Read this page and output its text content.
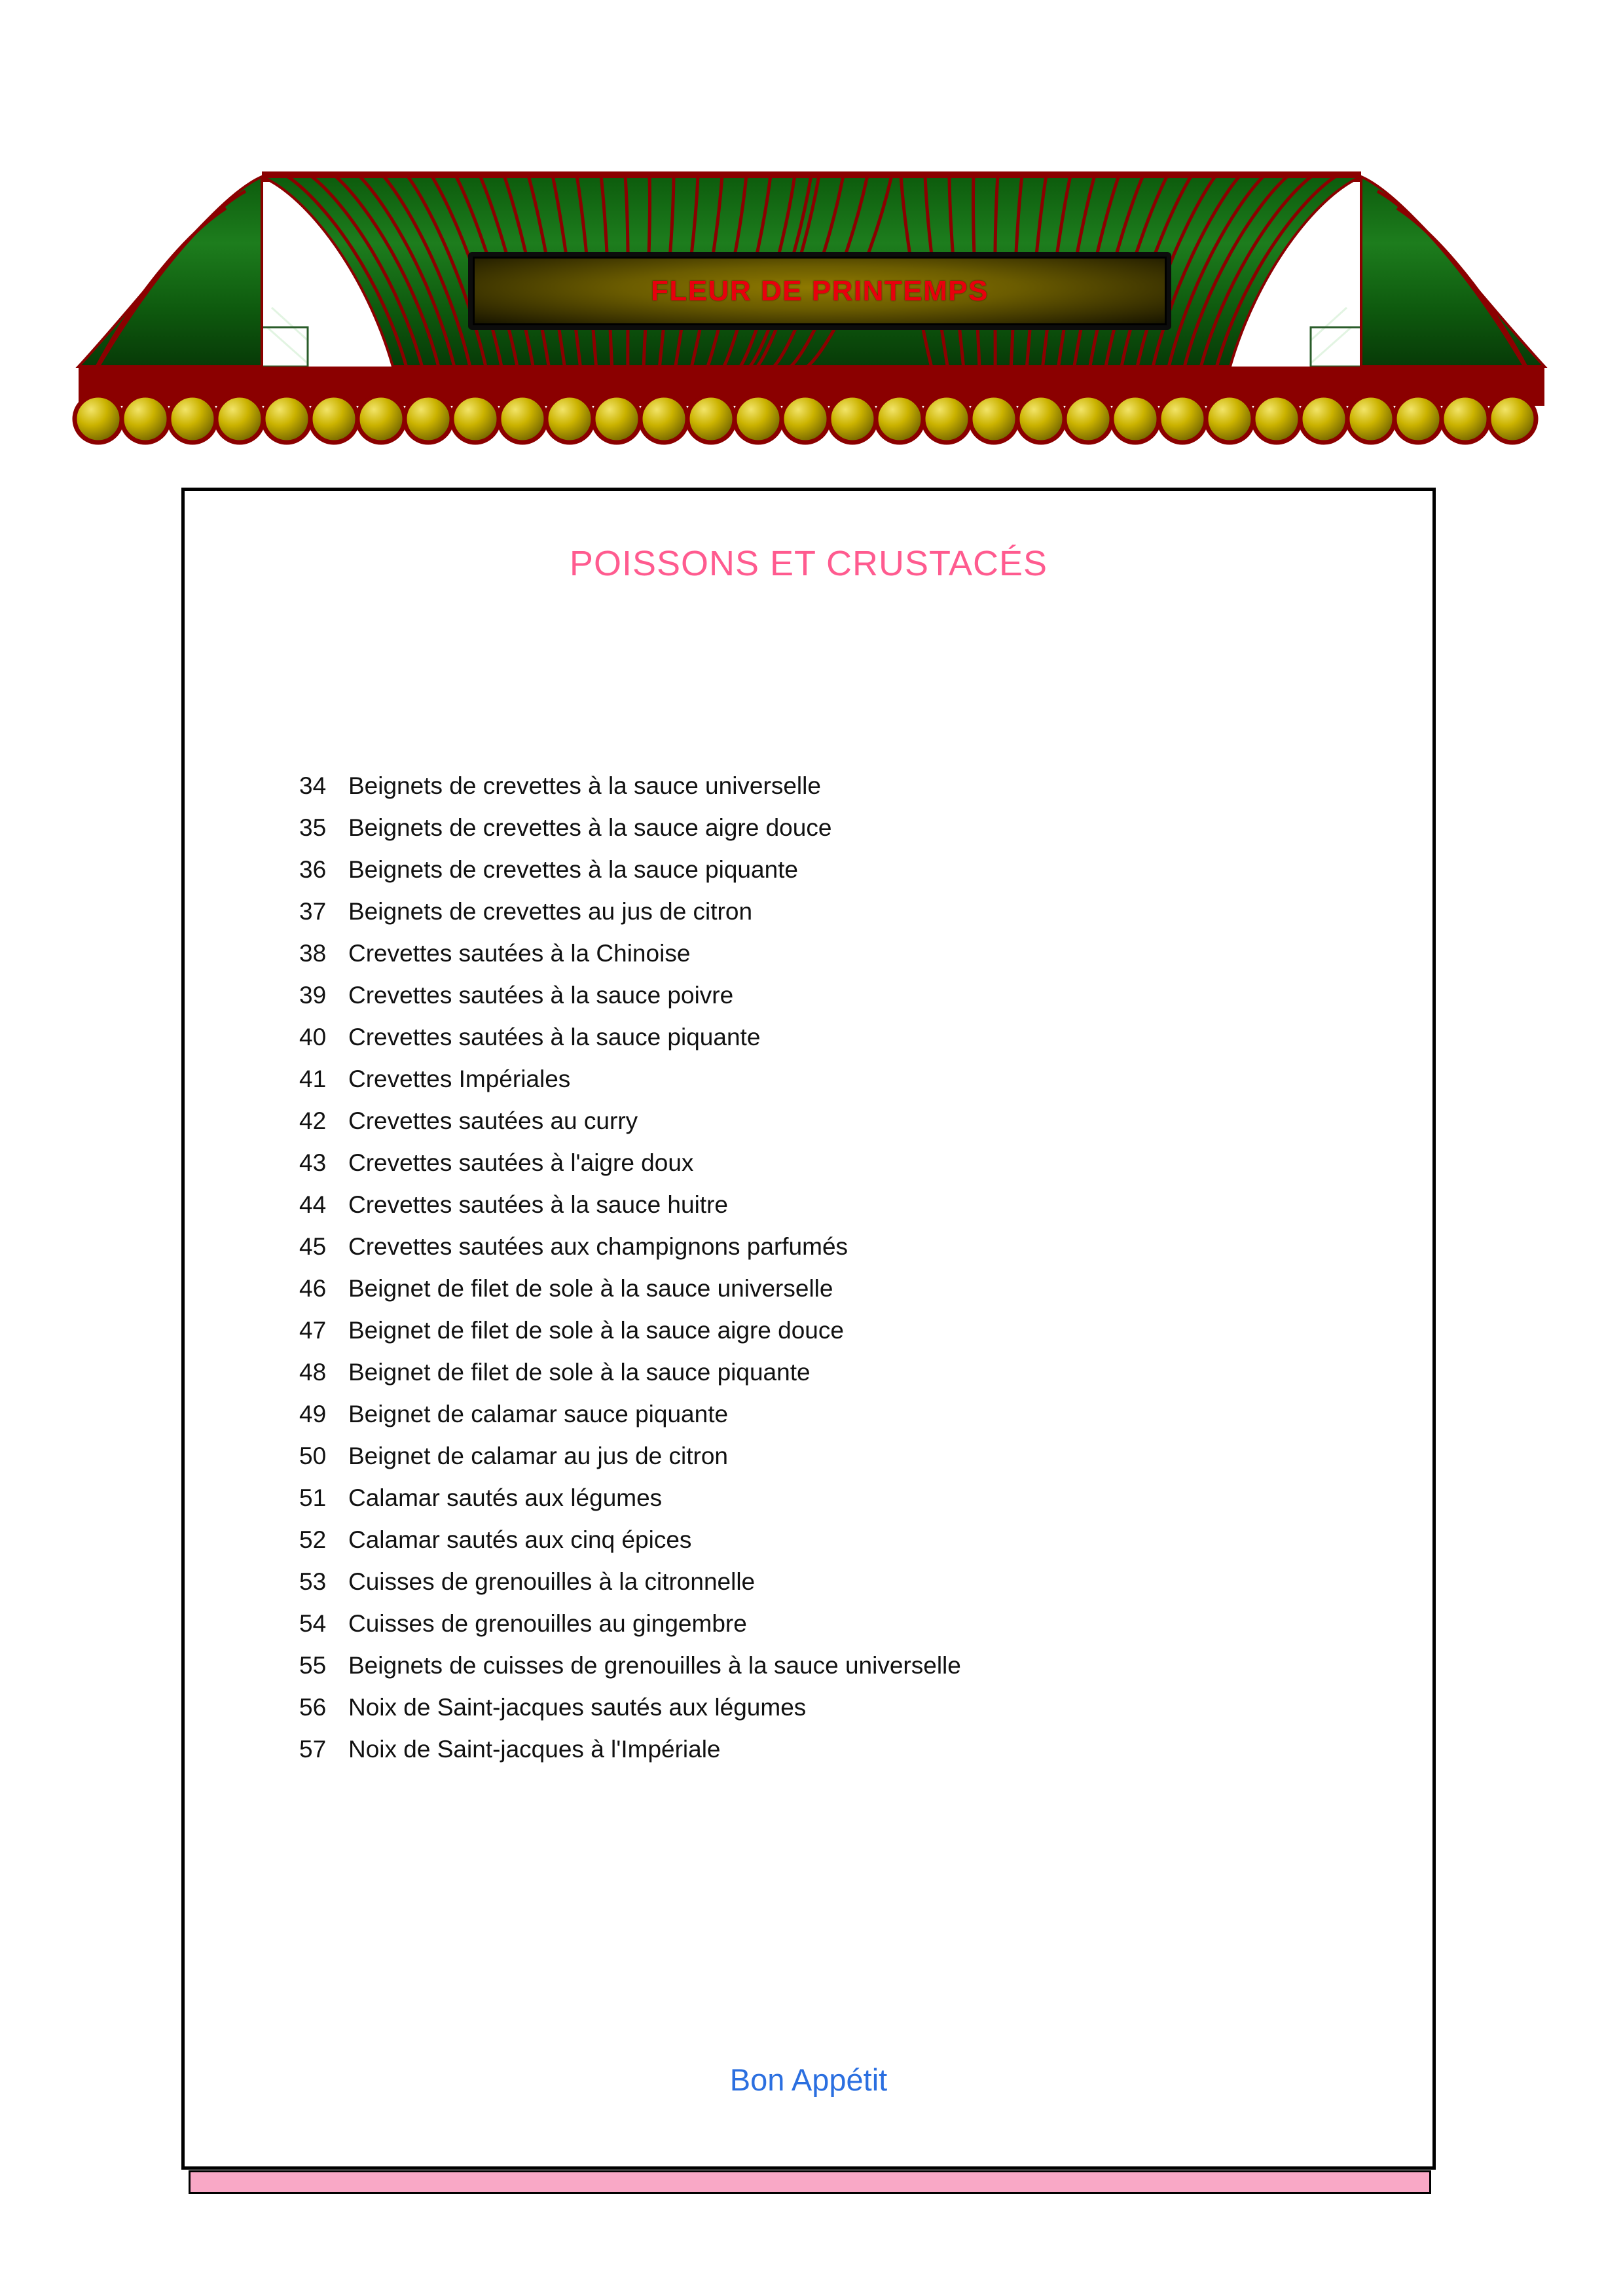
FLEUR DE PRINTEMPS
POISSONS ET CRUSTACÉS
34 Beignets de crevettes à la sauce universelle
35 Beignets de crevettes à la sauce aigre douce
36 Beignets de crevettes à la sauce piquante
37 Beignets de crevettes au jus de citron
38 Crevettes sautées à la Chinoise
39 Crevettes sautées à la sauce poivre
40 Crevettes sautées à la sauce piquante
41 Crevettes Impériales
42 Crevettes sautées au curry
43 Crevettes sautées à l'aigre doux
44 Crevettes sautées à la sauce huitre
45 Crevettes sautées aux champignons parfumés
46 Beignet de filet de sole à la sauce universelle
47 Beignet de filet de sole à la sauce aigre douce
48 Beignet de filet de sole à la sauce piquante
49 Beignet de calamar sauce piquante
50 Beignet de calamar au jus de citron
51 Calamar sautés aux légumes
52 Calamar sautés aux cinq épices
53 Cuisses de grenouilles à la citronnelle
54 Cuisses de grenouilles au gingembre
55 Beignets de cuisses de grenouilles à la sauce universelle
56 Noix de Saint-jacques sautés aux légumes
57 Noix de Saint-jacques à l'Impériale
Bon Appétit
